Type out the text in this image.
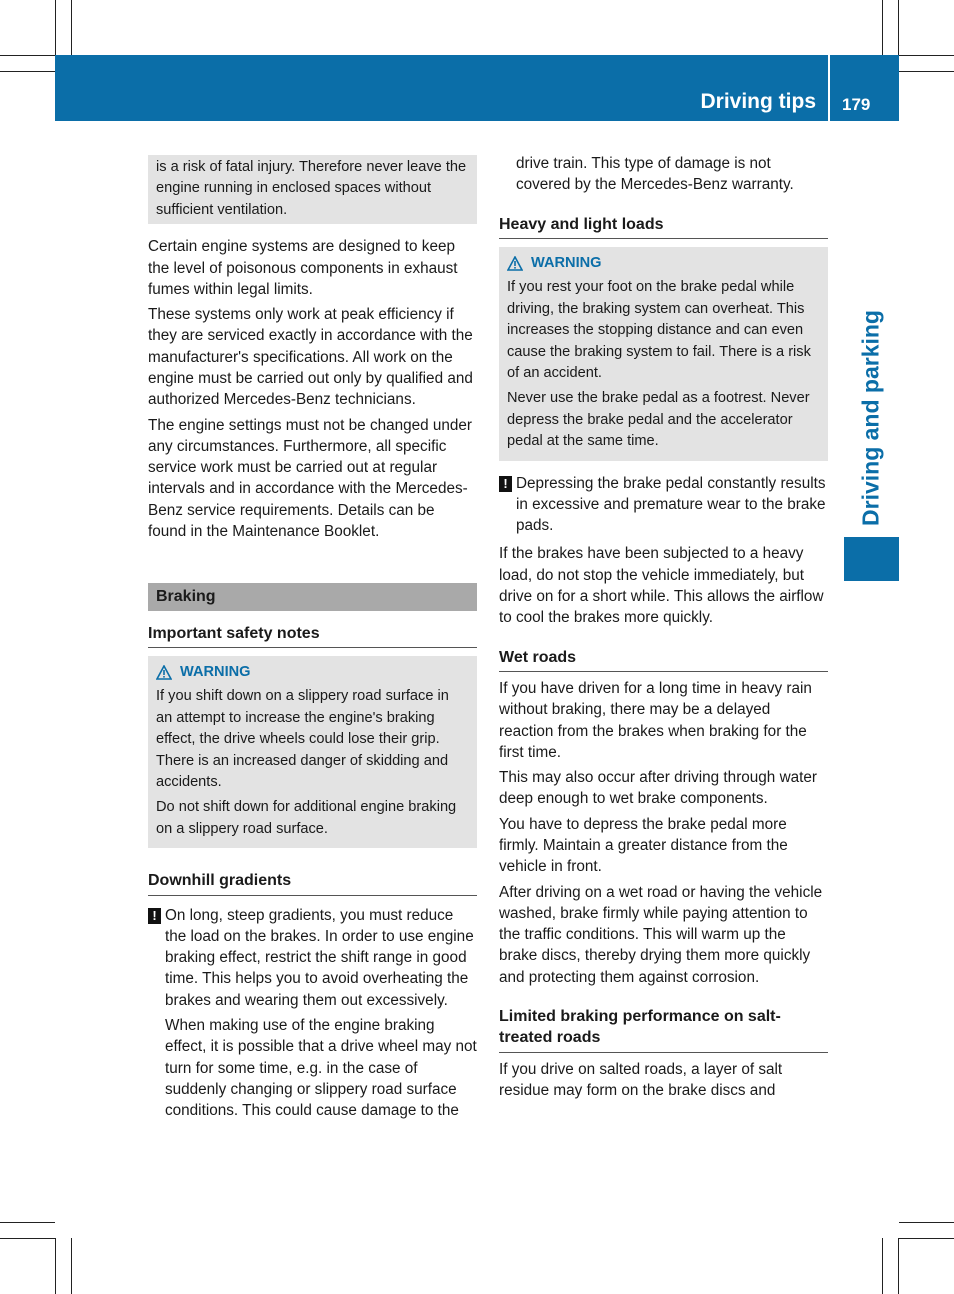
Driving tips 179
Driving and parking

is a risk of fatal injury. Therefore never leave the engine running in enclosed spaces without sufficient ventilation.

Certain engine systems are designed to keep the level of poisonous components in exhaust fumes within legal limits.

These systems only work at peak efficiency if they are serviced exactly in accordance with the manufacturer's specifications. All work on the engine must be carried out only by qualified and authorized Mercedes-Benz technicians.

The engine settings must not be changed under any circumstances. Furthermore, all specific service work must be carried out at regular intervals and in accordance with the Mercedes-Benz service requirements. Details can be found in the Maintenance Booklet.

Braking
Important safety notes
WARNING

If you shift down on a slippery road surface in an attempt to increase the engine's braking effect, the drive wheels could lose their grip. There is an increased danger of skidding and accidents.

Do not shift down for additional engine braking on a slippery road surface.

Downhill gradients
! On long, steep gradients, you must reduce the load on the brakes. In order to use engine braking effect, restrict the shift range in good time. This helps you to avoid overheating the brakes and wearing them out excessively.

When making use of the engine braking effect, it is possible that a drive wheel may not turn for some time, e.g. in the case of suddenly changing or slippery road surface conditions. This could cause damage to the

drive train. This type of damage is not covered by the Mercedes-Benz warranty.

Heavy and light loads
WARNING

If you rest your foot on the brake pedal while driving, the braking system can overheat. This increases the stopping distance and can even cause the braking system to fail. There is a risk of an accident.

Never use the brake pedal as a footrest. Never depress the brake pedal and the accelerator pedal at the same time.

! Depressing the brake pedal constantly results in excessive and premature wear to the brake pads.

If the brakes have been subjected to a heavy load, do not stop the vehicle immediately, but drive on for a short while. This allows the airflow to cool the brakes more quickly.

Wet roads

If you have driven for a long time in heavy rain without braking, there may be a delayed reaction from the brakes when braking for the first time.

This may also occur after driving through water deep enough to wet brake components.

You have to depress the brake pedal more firmly. Maintain a greater distance from the vehicle in front.

After driving on a wet road or having the vehicle washed, brake firmly while paying attention to the traffic conditions. This will warm up the brake discs, thereby drying them more quickly and protecting them against corrosion.

Limited braking performance on salt-treated roads

If you drive on salted roads, a layer of salt residue may form on the brake discs and
